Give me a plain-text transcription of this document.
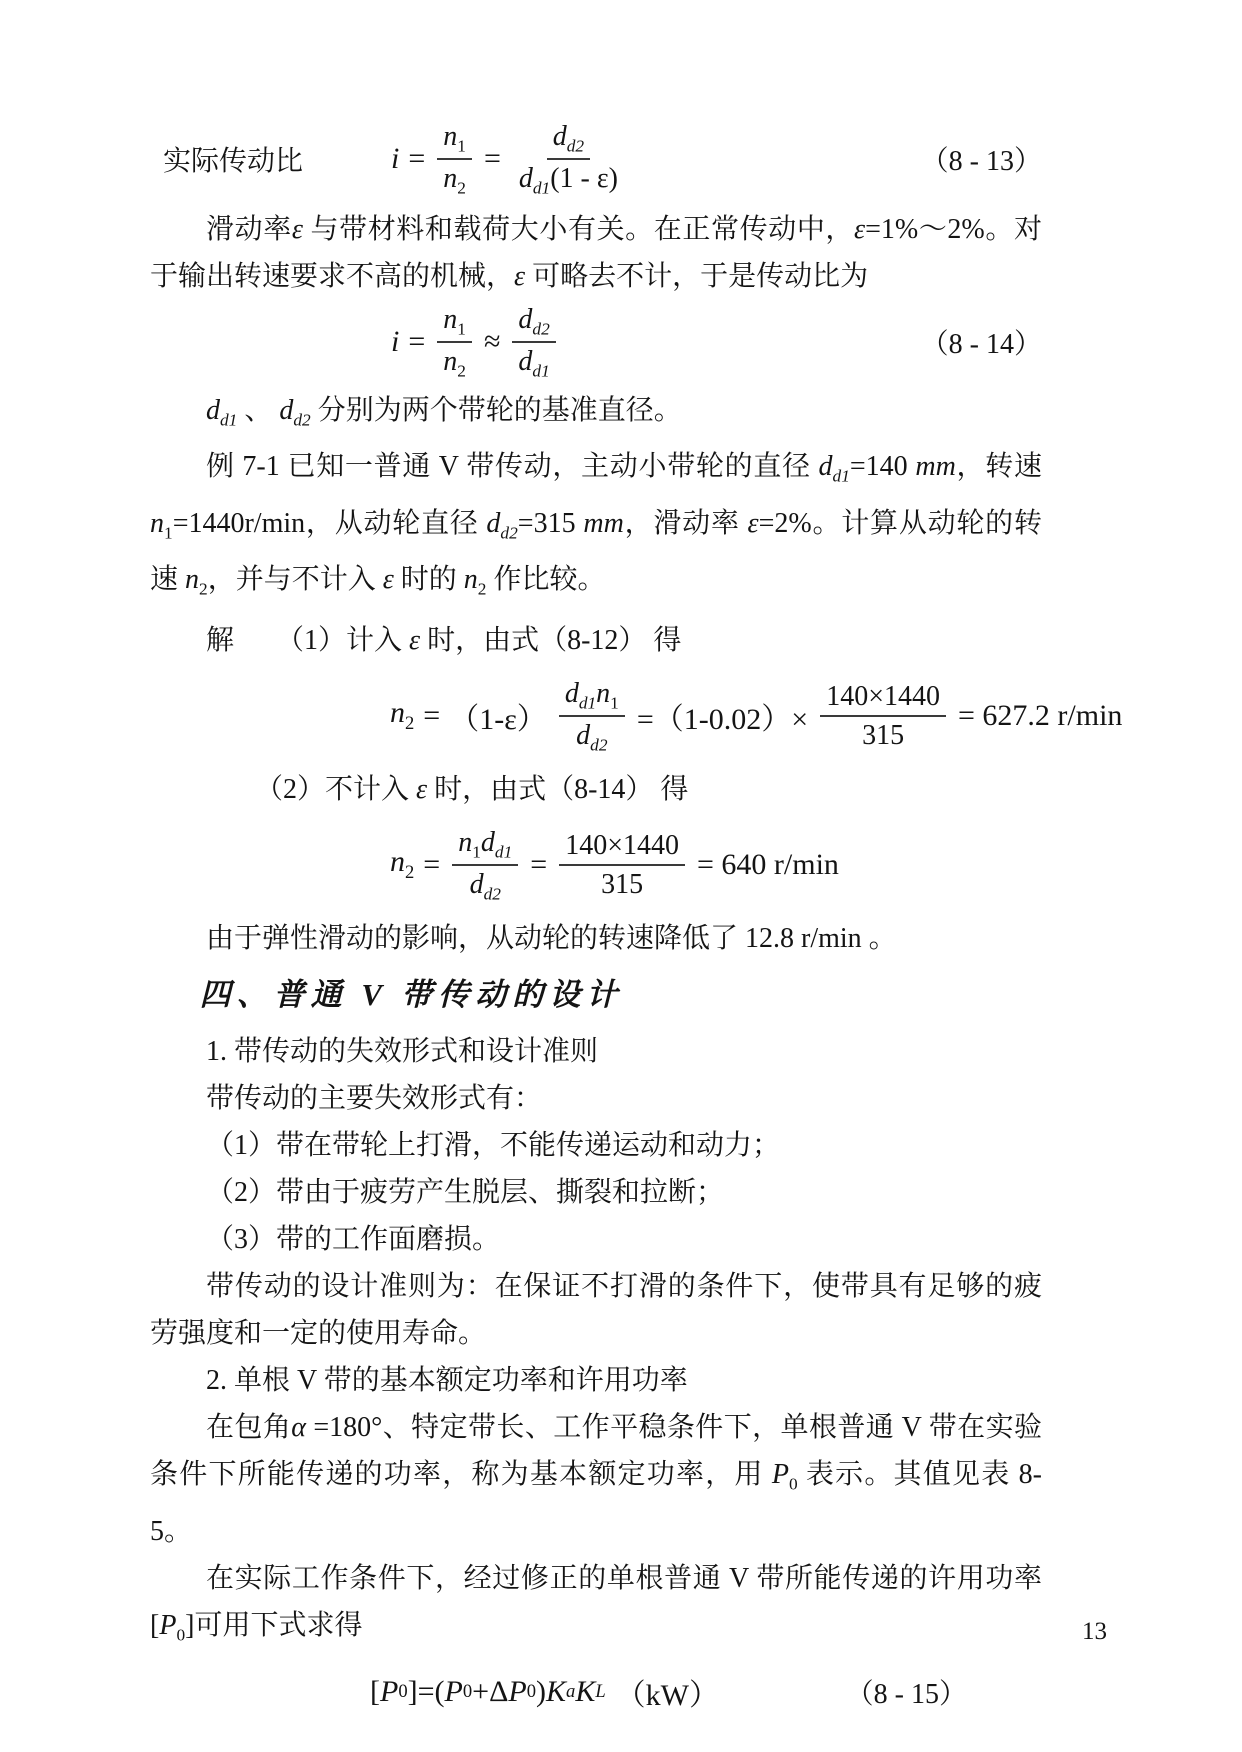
实际传动比	$i = \frac{n_1}{n_2} = \frac{d_{d2}}{d_{d1}(1 - \varepsilon)}$	（8 - 13）

滑动率ε 与带材料和载荷大小有关。在正常传动中，ε=1%～2%。对于输出转速要求不高的机械，ε 可略去不计，于是传动比为

$i = \frac{n_1}{n_2} \approx \frac{d_{d2}}{d_{d1}}$	（8 - 14）

$d_{d1}$ 、 $d_{d2}$ 分别为两个带轮的基准直径。

例 7-1 已知一普通 V 带传动，主动小带轮的直径 $d_{d1}=140$ mm，转速 $n_1=1440r/\min$，从动轮直径 $d_{d2}=315$ mm，滑动率 ε=2%。计算从动轮的转速 $n_2$，并与不计入 ε 时的 $n_2$ 作比较。

解　　（1）计入 ε 时，由式（8-12） 得

$n_2 = (1-\varepsilon) \frac{d_{d1}n_1}{d_{d2}} =(1-0.02)\times \frac{140\times 1440}{315} = 627.2$ r/min

（2）不计入 ε 时，由式（8-14） 得

$n_2 = \frac{n_1d_{d1}}{d_{d2}} = \frac{140\times 1440}{315} = 640$ r/min

由于弹性滑动的影响，从动轮的转速降低了 12.8 r/min 。

四、普通 V 带传动的设计

1. 带传动的失效形式和设计准则

带传动的主要失效形式有：

（1）带在带轮上打滑，不能传递运动和动力；

（2）带由于疲劳产生脱层、撕裂和拉断；

（3）带的工作面磨损。

带传动的设计准则为：在保证不打滑的条件下，使带具有足够的疲劳强度和一定的使用寿命。

2. 单根 V 带的基本额定功率和许用功率

在包角α =180°、特定带长、工作平稳条件下，单根普通 V 带在实验条件下所能传递的功率，称为基本额定功率，用 $P_0$ 表示。其值见表 8-5。

在实际工作条件下，经过修正的单根普通 V 带所能传递的许用功率$[P_0]$可用下式求得

[ P 0 ]=( P 0 +Δ P 0 ) K a K L （kW）	（8 - 15）
13
